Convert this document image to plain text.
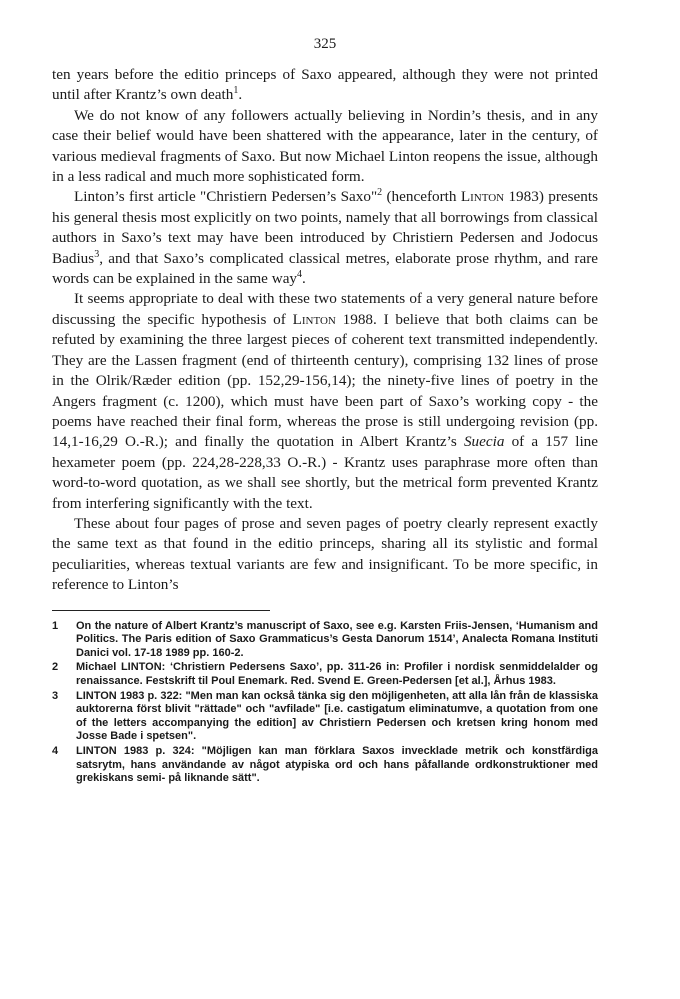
325

ten years before the editio princeps of Saxo appeared, although they were not printed until after Krantz’s own death$^1$.

We do not know of any followers actually believing in Nordin’s thesis, and in any case their belief would have been shattered with the appearance, later in the century, of various medieval fragments of Saxo. But now Michael Linton reopens the issue, although in a less radical and much more sophisticated form.

Linton’s first article "Christiern Pedersen’s Saxo"$^2$ (henceforth Linton 1983) presents his general thesis most explicitly on two points, namely that all borrowings from classical authors in Saxo’s text may have been introduced by Christiern Pedersen and Jodocus Badius$^3$, and that Saxo’s complicated classical metres, elaborate prose rhythm, and rare words can be explained in the same way$^4$.

It seems appropriate to deal with these two statements of a very general nature before discussing the specific hypothesis of Linton 1988. I believe that both claims can be refuted by examining the three largest pieces of coherent text transmitted independently. They are the Lassen fragment (end of thirteenth century), comprising 132 lines of prose in the Olrik/Ræder edition (pp. 152,29-156,14); the ninety-five lines of poetry in the Angers fragment (c. 1200), which must have been part of Saxo’s working copy - the poems have reached their final form, whereas the prose is still undergoing revision (pp. 14,1-16,29 O.-R.); and finally the quotation in Albert Krantz’s Suecia of a 157 line hexameter poem (pp. 224,28-228,33 O.-R.) - Krantz uses paraphrase more often than word-to-word quotation, as we shall see shortly, but the metrical form prevented Krantz from interfering significantly with the text.

These about four pages of prose and seven pages of poetry clearly represent exactly the same text as that found in the editio princeps, sharing all its stylistic and formal peculiarities, whereas textual variants are few and insignificant. To be more specific, in reference to Linton’s

1	On the nature of Albert Krantz’s manuscript of Saxo, see e.g. Karsten Friis-Jensen, ‘Humanism and Politics. The Paris edition of Saxo Grammaticus’s Gesta Danorum 1514’, Analecta Romana Instituti Danici vol. 17-18 1989 pp. 160-2.
2	Michael LINTON: ‘Christiern Pedersens Saxo’, pp. 311-26 in: Profiler i nordisk senmiddelalder og renaissance. Festskrift til Poul Enemark. Red. Svend E. Green-Pedersen [et al.], Århus 1983.
3	LINTON 1983 p. 322: "Men man kan också tänka sig den möjligenheten, att alla lån från de klassiska auktorerna först blivit "rättade" och "avfilade" [i.e. castigatum eliminatumve, a quotation from one of the letters accompanying the edition] av Christiern Pedersen och kretsen kring honom med Josse Bade i spetsen".
4	LINTON 1983 p. 324: "Möjligen kan man förklara Saxos invecklade metrik och konstfärdiga satsrytm, hans användande av något atypiska ord och hans påfallande ordkonstruktioner med grekiskans semi- på liknande sätt".
